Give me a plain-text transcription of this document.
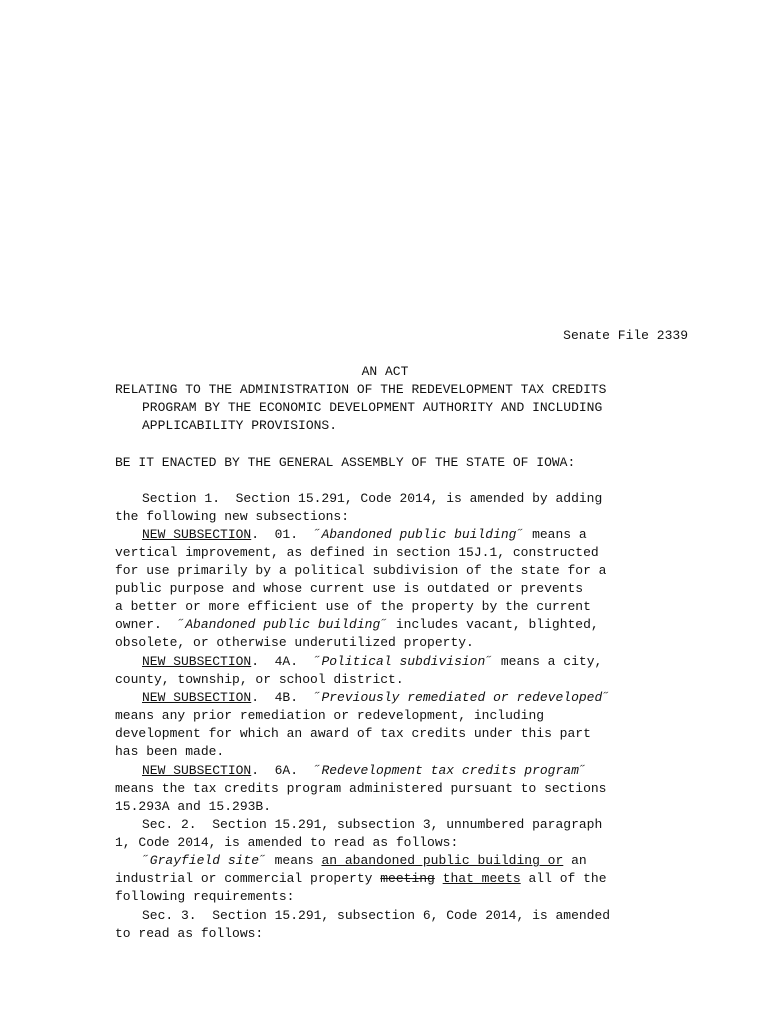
Senate File 2339
AN ACT
RELATING TO THE ADMINISTRATION OF THE REDEVELOPMENT TAX CREDITS
PROGRAM BY THE ECONOMIC DEVELOPMENT AUTHORITY AND INCLUDING
APPLICABILITY PROVISIONS.
BE IT ENACTED BY THE GENERAL ASSEMBLY OF THE STATE OF IOWA:
Section 1.  Section 15.291, Code 2014, is amended by adding
the following new subsections:
NEW SUBSECTION.  01.  ˝Abandoned public building˝ means a
vertical improvement, as defined in section 15J.1, constructed
for use primarily by a political subdivision of the state for a
public purpose and whose current use is outdated or prevents
a better or more efficient use of the property by the current
owner.  ˝Abandoned public building˝ includes vacant, blighted,
obsolete, or otherwise underutilized property.
NEW SUBSECTION.  4A.  ˝Political subdivision˝ means a city,
county, township, or school district.
NEW SUBSECTION.  4B.  ˝Previously remediated or redeveloped˝
means any prior remediation or redevelopment, including
development for which an award of tax credits under this part
has been made.
NEW SUBSECTION.  6A.  ˝Redevelopment tax credits program˝
means the tax credits program administered pursuant to sections
15.293A and 15.293B.
Sec. 2.  Section 15.291, subsection 3, unnumbered paragraph
1, Code 2014, is amended to read as follows:
˝Grayfield site˝ means an abandoned public building or an
industrial or commercial property meeting that meets all of the
following requirements:
Sec. 3.  Section 15.291, subsection 6, Code 2014, is amended
to read as follows:
